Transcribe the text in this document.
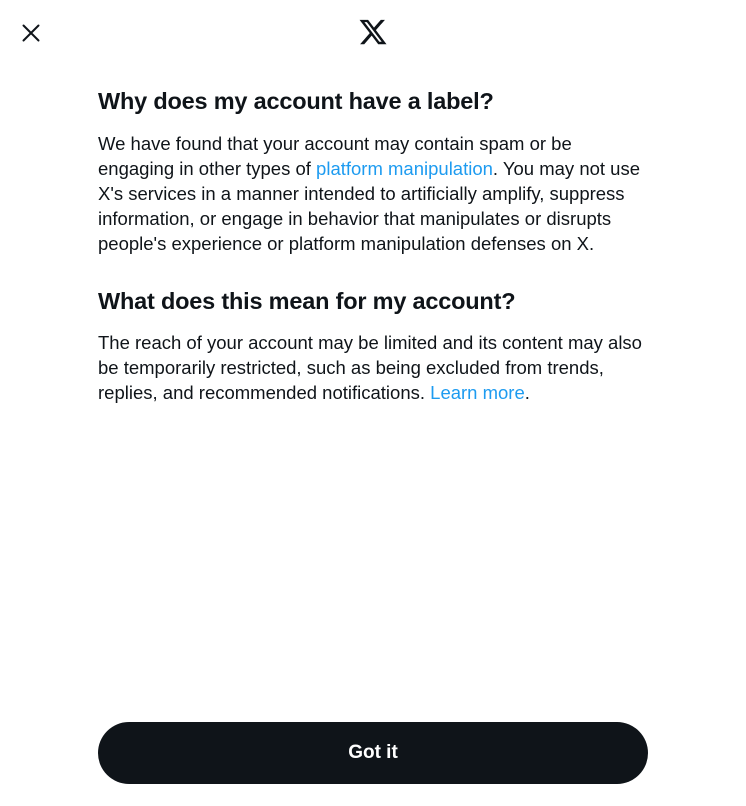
Why does my account have a label?

We have found that your account may contain spam or be engaging in other types of platform manipulation. You may not use X's services in a manner intended to artificially amplify, suppress information, or engage in behavior that manipulates or disrupts people's experience or platform manipulation defenses on X.

What does this mean for my account?

The reach of your account may be limited and its content may also be temporarily restricted, such as being excluded from trends, replies, and recommended notifications. Learn more.

Got it
